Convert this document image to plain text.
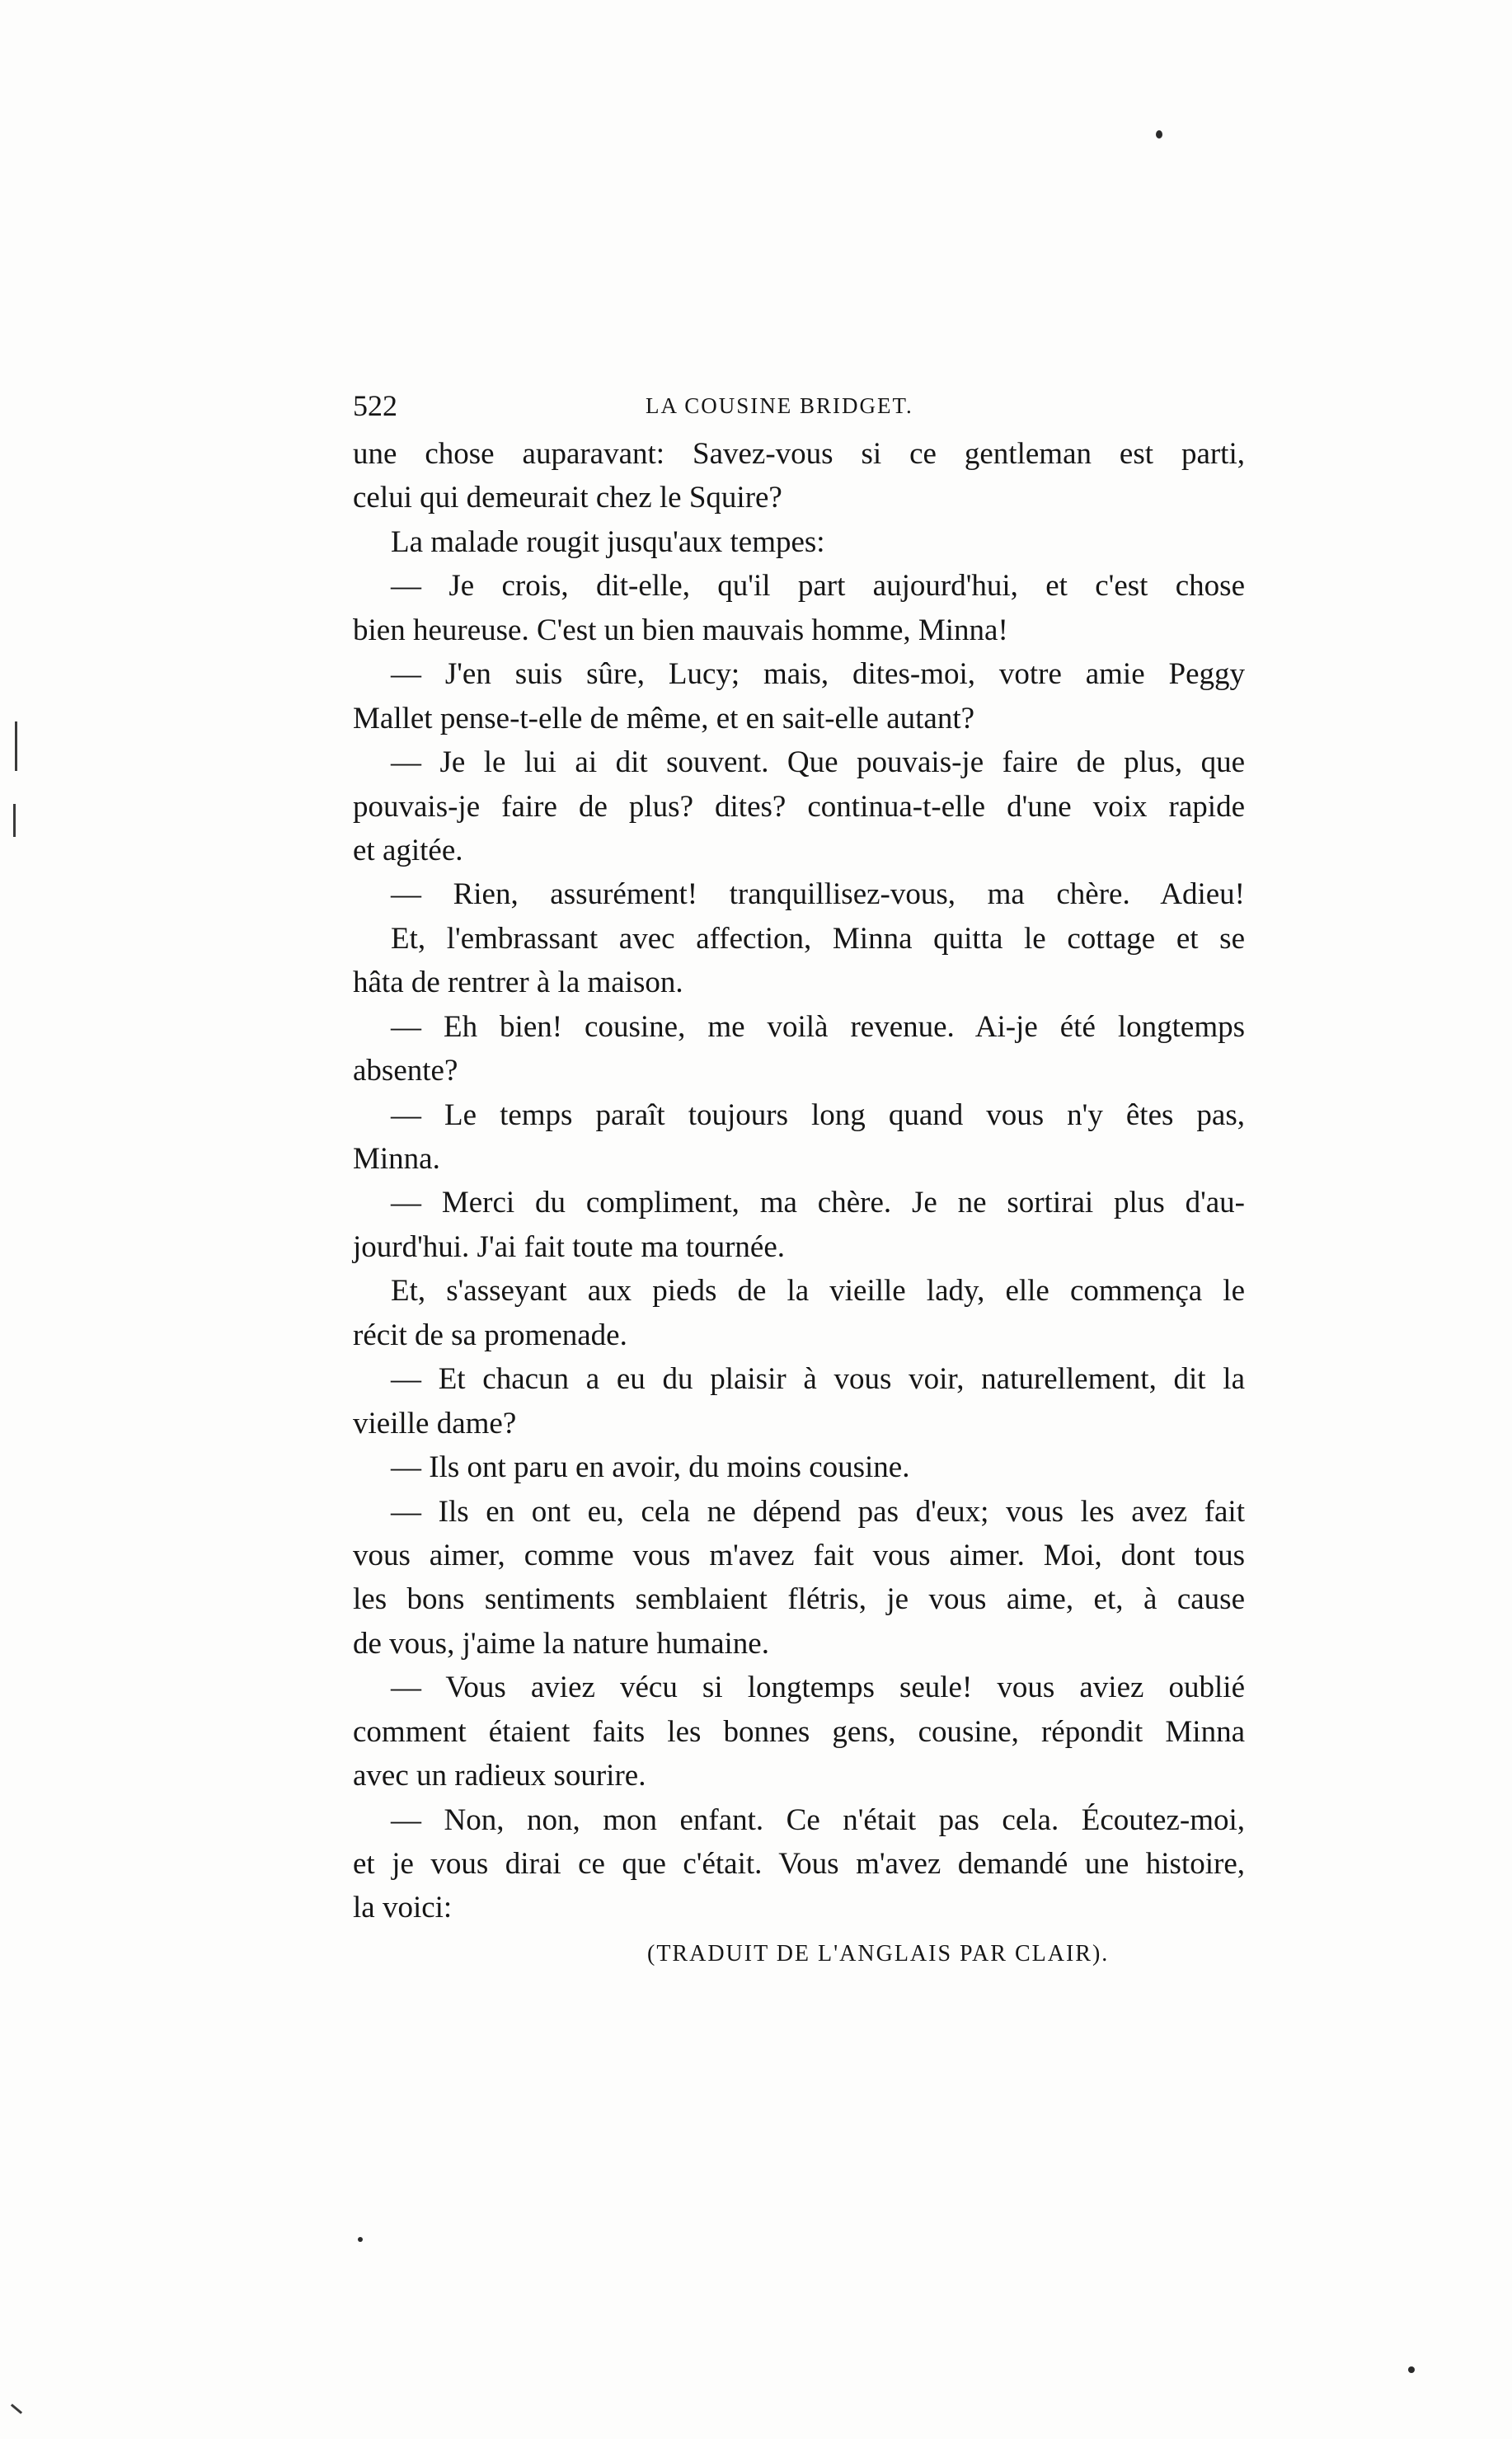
522	LA COUSINE BRIDGET.
une chose auparavant: Savez-vous si ce gentleman est parti,
celui qui demeurait chez le Squire?
La malade rougit jusqu'aux tempes:
— Je crois, dit-elle, qu'il part aujourd'hui, et c'est chose
bien heureuse. C'est un bien mauvais homme, Minna!
— J'en suis sûre, Lucy; mais, dites-moi, votre amie Peggy
Mallet pense-t-elle de même, et en sait-elle autant?
— Je le lui ai dit souvent. Que pouvais-je faire de plus, que
pouvais-je faire de plus? dites? continua-t-elle d'une voix rapide
et agitée.
— Rien, assurément! tranquillisez-vous, ma chère. Adieu!
Et, l'embrassant avec affection, Minna quitta le cottage et se
hâta de rentrer à la maison.
— Eh bien! cousine, me voilà revenue. Ai-je été longtemps
absente?
— Le temps paraît toujours long quand vous n'y êtes pas,
Minna.
— Merci du compliment, ma chère. Je ne sortirai plus d'au-
jourd'hui. J'ai fait toute ma tournée.
Et, s'asseyant aux pieds de la vieille lady, elle commença le
récit de sa promenade.
— Et chacun a eu du plaisir à vous voir, naturellement, dit la
vieille dame?
— Ils ont paru en avoir, du moins cousine.
— Ils en ont eu, cela ne dépend pas d'eux; vous les avez fait
vous aimer, comme vous m'avez fait vous aimer. Moi, dont tous
les bons sentiments semblaient flétris, je vous aime, et, à cause
de vous, j'aime la nature humaine.
— Vous aviez vécu si longtemps seule! vous aviez oublié
comment étaient faits les bonnes gens, cousine, répondit Minna
avec un radieux sourire.
— Non, non, mon enfant. Ce n'était pas cela. Écoutez-moi,
et je vous dirai ce que c'était. Vous m'avez demandé une histoire,
la voici:
(TRADUIT DE L'ANGLAIS PAR CLAIR).
